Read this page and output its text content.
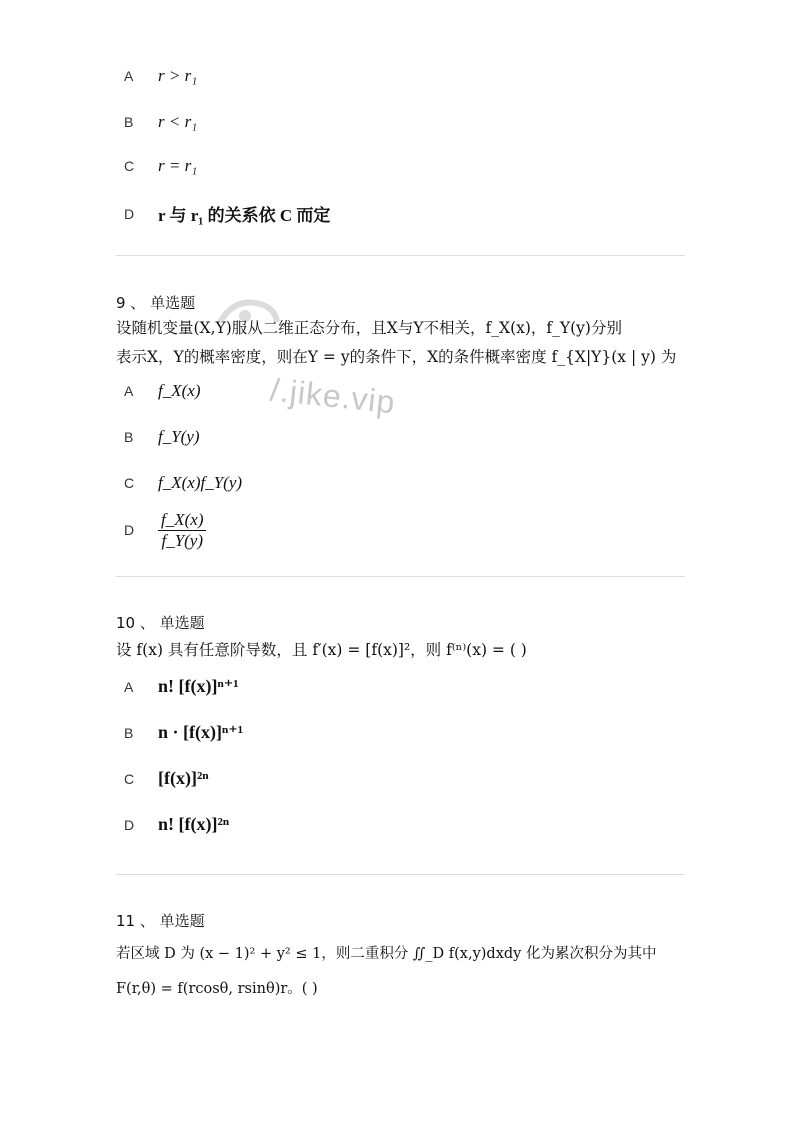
A	r > r₁
B	r < r₁
C	r = r₁
D	r 与 r₁ 的关系依 C 而定
9 、 单选题
设随机变量(X,Y)服从二维正态分布，且X与Y不相关，f_X(x)，f_Y(y)分别
表示X，Y的概率密度，则在Y = y的条件下，X的条件概率密度 f_{X|Y}(x | y) 为
/.jike.vip
A	f_X(x)
B	f_Y(y)
C	f_X(x)f_Y(y)
D	$\frac{f\_X(x)}{f\_Y(y)}$
10 、 单选题
设 f(x) 具有任意阶导数，且 f′(x) = [f(x)]²，则 f⁽ⁿ⁾(x) = ( )
A	n! [f(x)]ⁿ⁺¹
B	n · [f(x)]ⁿ⁺¹
C	[f(x)]²ⁿ
D	n! [f(x)]²ⁿ
11 、 单选题
若区域 D 为 (x − 1)² + y² ≤ 1，则二重积分 ∬_D f(x,y)dxdy 化为累次积分为其中
F(r,θ) = f(rcosθ, rsinθ)r。( )
